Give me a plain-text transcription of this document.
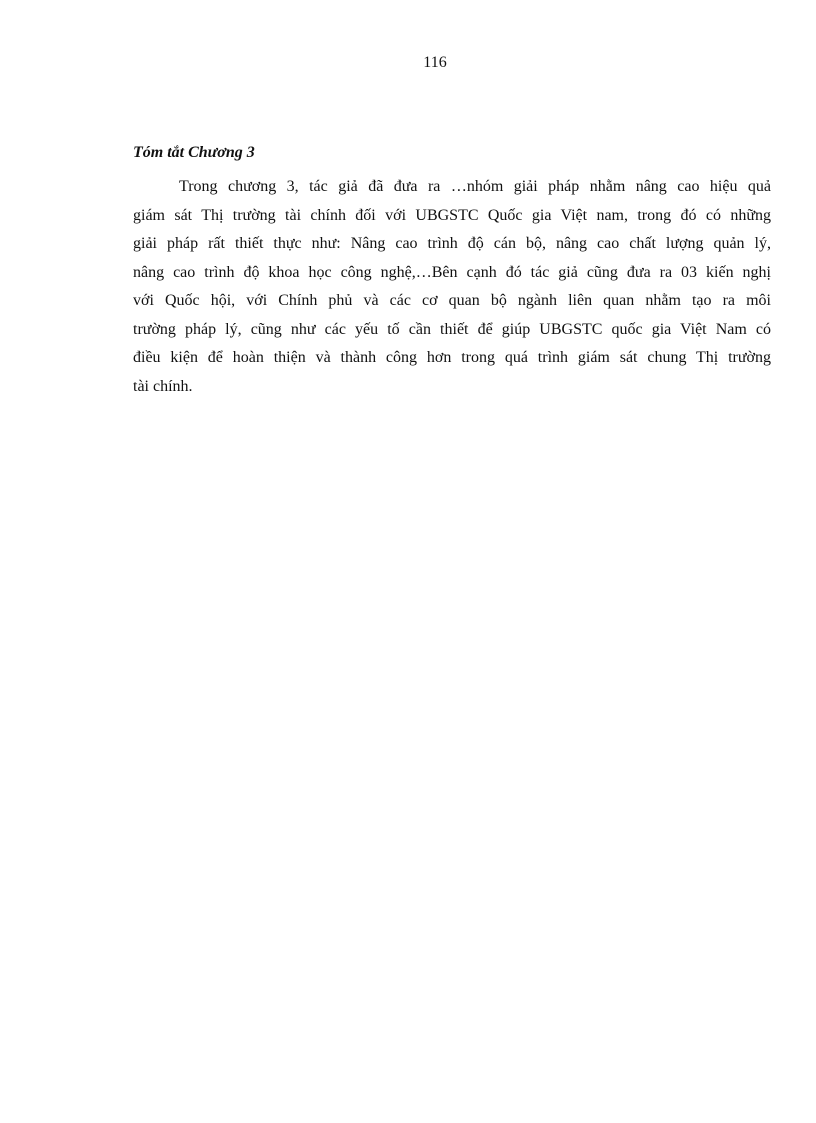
116
Tóm tắt Chương 3

Trong chương 3, tác giả đã đưa ra …nhóm giải pháp nhằm nâng cao hiệu quả
giám sát Thị trường tài chính đối với UBGSTC Quốc gia Việt nam, trong đó có những
giải pháp rất thiết thực như: Nâng cao trình độ cán bộ, nâng cao chất lượng quản lý,
nâng cao trình độ khoa học công nghệ,…Bên cạnh đó tác giả cũng đưa ra 03 kiến nghị
với Quốc hội, với Chính phủ và các cơ quan bộ ngành liên quan nhằm tạo ra môi
trường pháp lý, cũng như các yếu tố cần thiết để giúp UBGSTC quốc gia Việt Nam có
điều kiện để hoàn thiện và thành công hơn trong quá trình giám sát chung Thị trường
tài chính.
